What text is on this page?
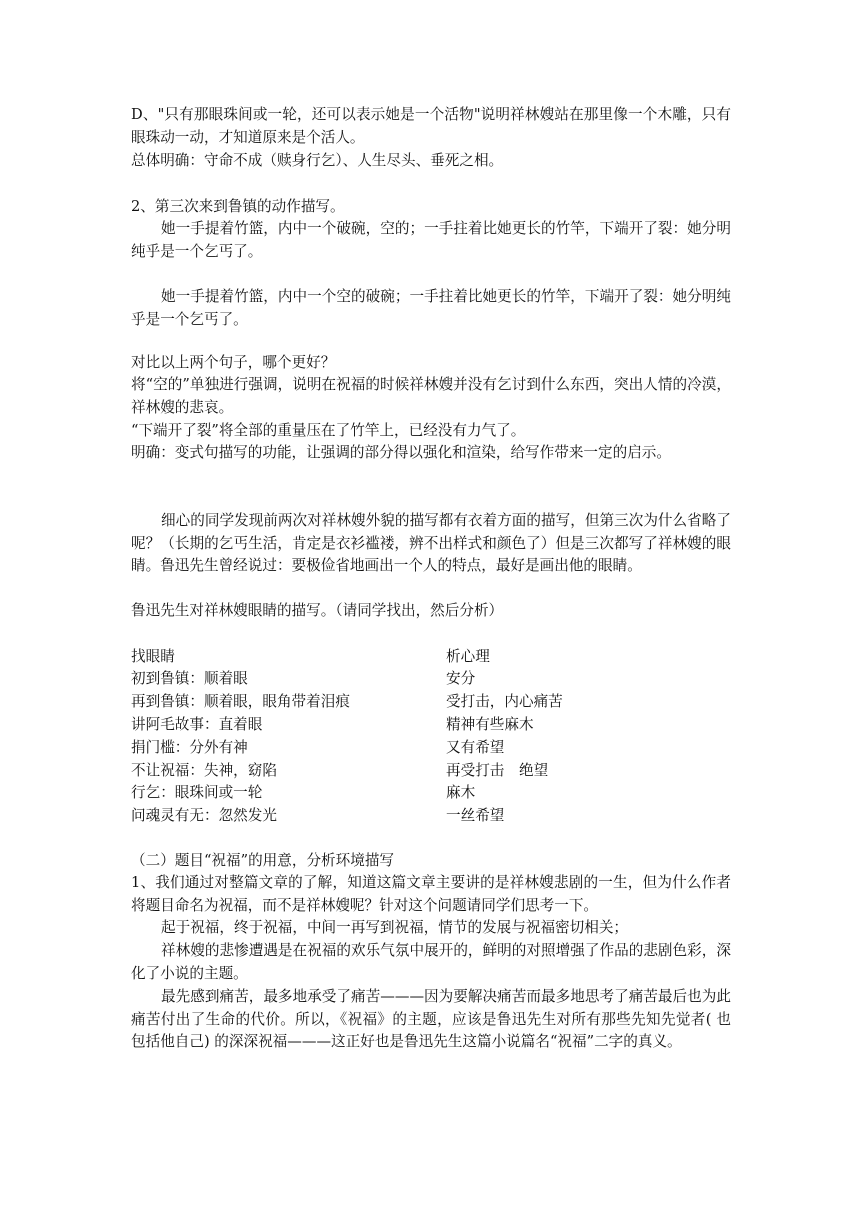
D、"只有那眼珠间或一轮，还可以表示她是一个活物"说明祥林嫂站在那里像一个木雕，只有眼珠动一动，才知道原来是个活人。

总体明确：守命不成（赎身行乞）、人生尽头、垂死之相。

2、第三次来到鲁镇的动作描写。

她一手提着竹篮，内中一个破碗，空的；一手拄着比她更长的竹竿，下端开了裂：她分明纯乎是一个乞丐了。

她一手提着竹篮，内中一个空的破碗；一手拄着比她更长的竹竿，下端开了裂：她分明纯乎是一个乞丐了。

对比以上两个句子，哪个更好？

将“空的”单独进行强调，说明在祝福的时候祥林嫂并没有乞讨到什么东西，突出人情的冷漠，祥林嫂的悲哀。

“下端开了裂”将全部的重量压在了竹竿上，已经没有力气了。

明确：变式句描写的功能，让强调的部分得以强化和渲染，给写作带来一定的启示。

细心的同学发现前两次对祥林嫂外貌的描写都有衣着方面的描写，但第三次为什么省略了呢？（长期的乞丐生活，肯定是衣衫褴褛，辨不出样式和颜色了）但是三次都写了祥林嫂的眼睛。鲁迅先生曾经说过：要极俭省地画出一个人的特点，最好是画出他的眼睛。

鲁迅先生对祥林嫂眼睛的描写。（请同学找出，然后分析）

找眼睛	析心理
初到鲁镇：顺着眼	安分
再到鲁镇：顺着眼，眼角带着泪痕	受打击，内心痛苦
讲阿毛故事：直着眼	精神有些麻木
捐门槛：分外有神	又有希望
不让祝福：失神，窈陷	再受打击　绝望
行乞：眼珠间或一轮	麻木
问魂灵有无：忽然发光	一丝希望

（二）题目“祝福”的用意，分析环境描写

1、我们通过对整篇文章的了解，知道这篇文章主要讲的是祥林嫂悲剧的一生，但为什么作者将题目命名为祝福，而不是祥林嫂呢？针对这个问题请同学们思考一下。

起于祝福，终于祝福，中间一再写到祝福，情节的发展与祝福密切相关；

祥林嫂的悲惨遭遇是在祝福的欢乐气氛中展开的，鲜明的对照增强了作品的悲剧色彩，深化了小说的主题。

最先感到痛苦，最多地承受了痛苦———因为要解决痛苦而最多地思考了痛苦最后也为此痛苦付出了生命的代价。所以，《祝福》的主题，应该是鲁迅先生对所有那些先知先觉者( 也包括他自己) 的深深祝福———这正好也是鲁迅先生这篇小说篇名“祝福”二字的真义。
